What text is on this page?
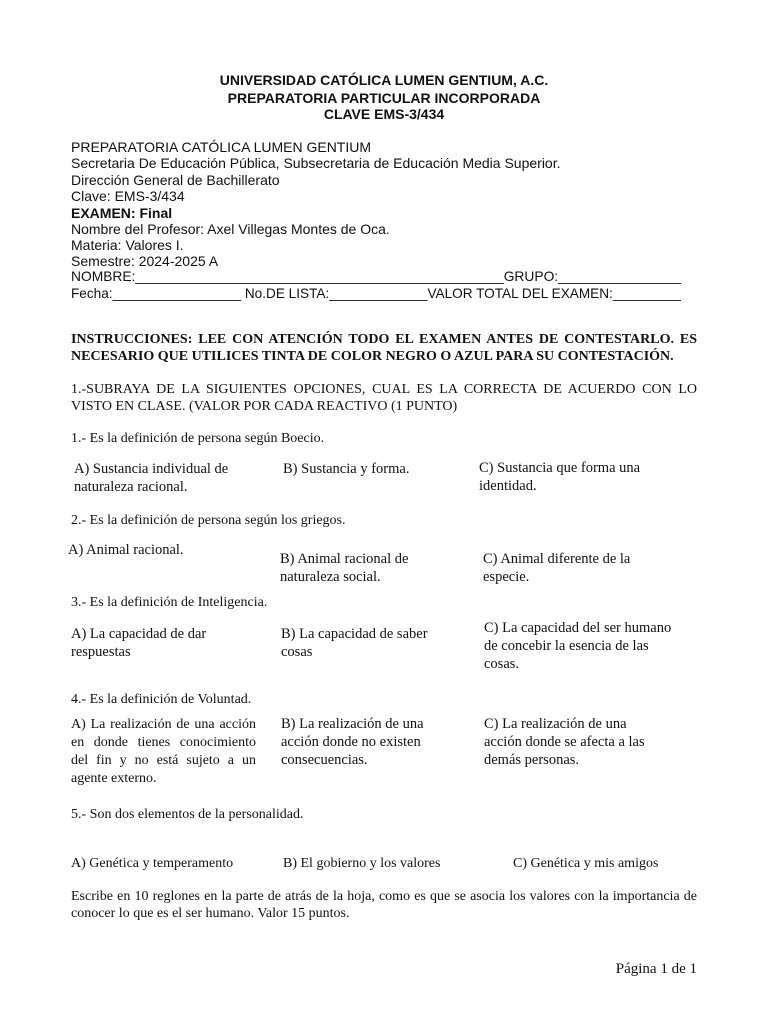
UNIVERSIDAD CATÓLICA LUMEN GENTIUM, A.C.
PREPARATORIA PARTICULAR INCORPORADA
CLAVE EMS-3/434
PREPARATORIA CATÓLICA LUMEN GENTIUM
Secretaria De Educación Pública, Subsecretaria de Educación Media Superior.
Dirección General de Bachillerato
Clave: EMS-3/434
EXAMEN: Final
Nombre del Profesor: Axel Villegas Montes de Oca.
Materia: Valores I.
Semestre: 2024-2025 A
NOMBRE:________________________________________________GRUPO:________________
Fecha:_________________ No.DE LISTA:_____________VALOR TOTAL DEL EXAMEN:_________
INSTRUCCIONES: LEE CON ATENCIÓN TODO EL EXAMEN ANTES DE CONTESTARLO. ES NECESARIO QUE UTILICES TINTA DE COLOR NEGRO O AZUL PARA SU CONTESTACIÓN.
1.-SUBRAYA DE LA SIGUIENTES OPCIONES, CUAL ES LA CORRECTA DE ACUERDO CON LO VISTO EN CLASE. (VALOR POR CADA REACTIVO (1 PUNTO)
1.- Es la definición de persona según Boecio.
A) Sustancia individual de naturaleza racional.
B) Sustancia y forma.	C) Sustancia que forma una identidad.
2.- Es la definición de persona según los griegos.
A) Animal racional.
B) Animal racional de naturaleza social.
C) Animal diferente de la especie.
3.- Es la definición de Inteligencia.
A) La capacidad de dar respuestas
B) La capacidad de saber cosas
C) La capacidad del ser humano de concebir la esencia de las cosas.
4.- Es la definición de Voluntad.
A) La realización de una acción en donde tienes conocimiento del fin y no está sujeto a un agente externo.
B) La realización de una acción donde no existen consecuencias.
C) La realización de una acción donde se afecta a las demás personas.
5.- Son dos elementos de la personalidad.
A) Genética y temperamento	B) El gobierno y los valores	C) Genética y mis amigos
Escribe en 10 reglones en la parte de atrás de la hoja, como es que se asocia los valores con la importancia de conocer lo que es el ser humano. Valor 15 puntos.
Página 1 de 1
